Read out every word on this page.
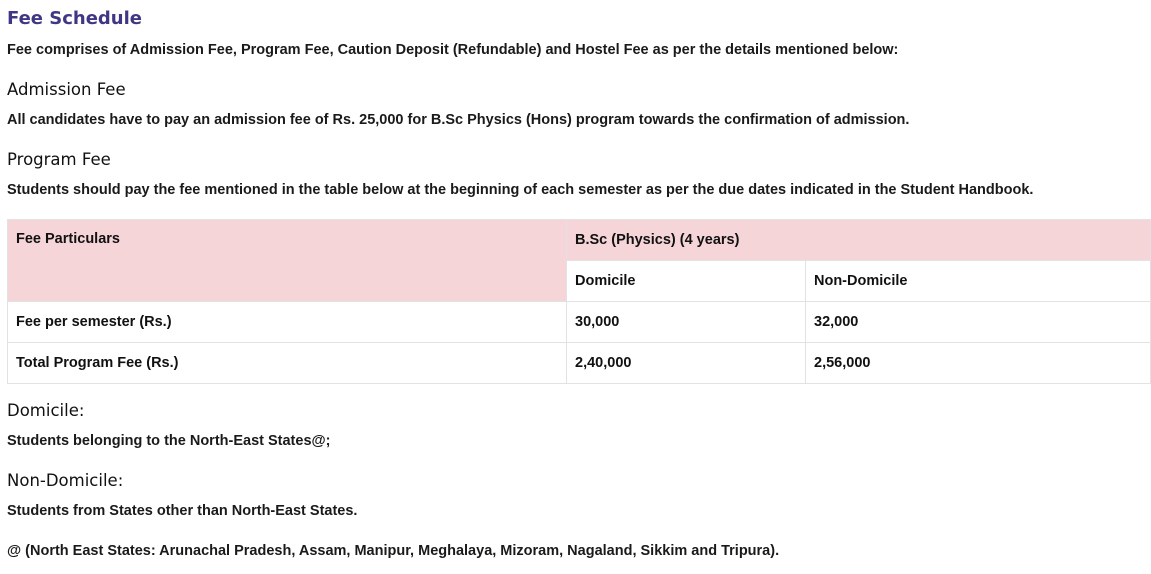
Fee Schedule
Fee comprises of Admission Fee, Program Fee, Caution Deposit (Refundable) and Hostel Fee as per the details mentioned below:
Admission Fee
All candidates have to pay an admission fee of Rs. 25,000 for B.Sc Physics (Hons) program towards the confirmation of admission.
Program Fee
Students should pay the fee mentioned in the table below at the beginning of each semester as per the due dates indicated in the Student Handbook.
Fee Particulars	B.Sc (Physics) (4 years)	
	Domicile	Non-Domicile
Fee per semester (Rs.)	30,000	32,000
Total Program Fee (Rs.)	2,40,000	2,56,000
Domicile:
Students belonging to the North-East States@;
Non-Domicile:
Students from States other than North-East States.
@ (North East States: Arunachal Pradesh, Assam, Manipur, Meghalaya, Mizoram, Nagaland, Sikkim and Tripura).
